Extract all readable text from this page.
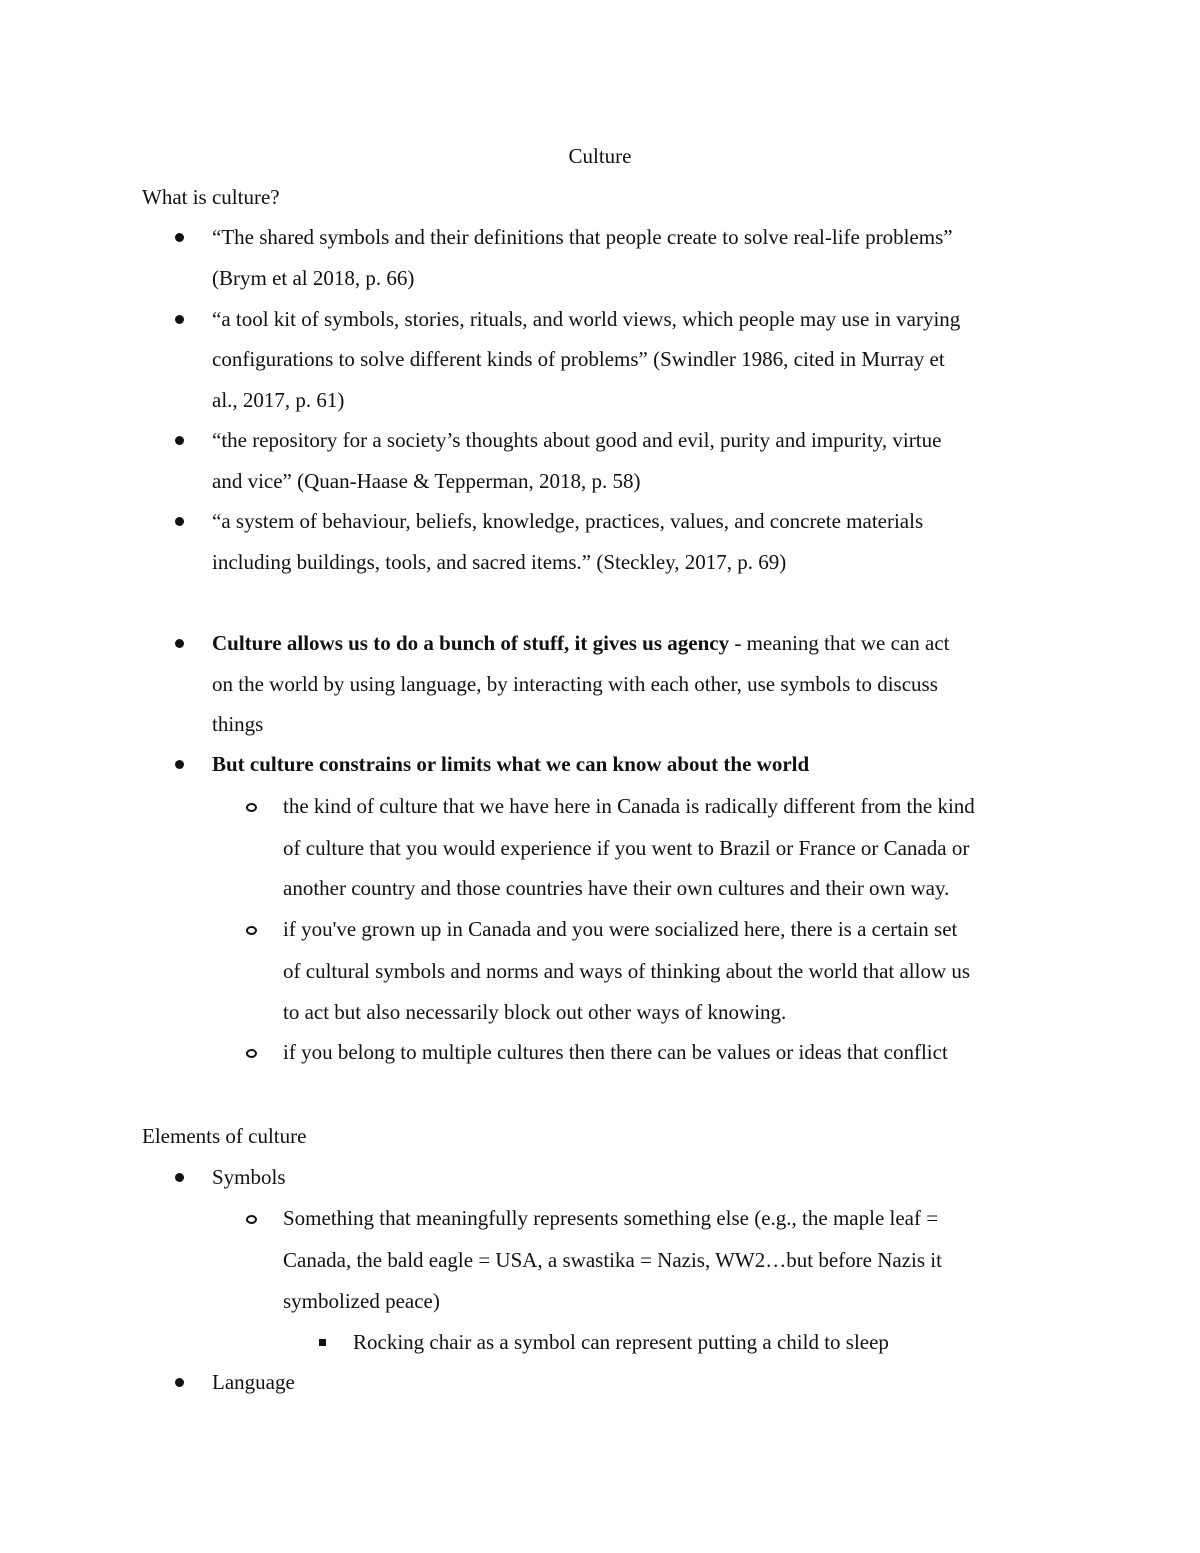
Culture
What is culture?
“The shared symbols and their definitions that people create to solve real-life problems”
(Brym et al 2018, p. 66)
“a tool kit of symbols, stories, rituals, and world views, which people may use in varying
configurations to solve different kinds of problems” (Swindler 1986, cited in Murray et
al., 2017, p. 61)
“the repository for a society’s thoughts about good and evil, purity and impurity, virtue
and vice” (Quan-Haase & Tepperman, 2018, p. 58)
“a system of behaviour, beliefs, knowledge, practices, values, and concrete materials
including buildings, tools, and sacred items.” (Steckley, 2017, p. 69)
Culture allows us to do a bunch of stuff, it gives us agency - meaning that we can act
on the world by using language, by interacting with each other, use symbols to discuss
things
But culture constrains or limits what we can know about the world
the kind of culture that we have here in Canada is radically different from the kind
of culture that you would experience if you went to Brazil or France or Canada or
another country and those countries have their own cultures and their own way.
if you've grown up in Canada and you were socialized here, there is a certain set
of cultural symbols and norms and ways of thinking about the world that allow us
to act but also necessarily block out other ways of knowing.
if you belong to multiple cultures then there can be values or ideas that conflict
Elements of culture
Symbols
Something that meaningfully represents something else (e.g., the maple leaf =
Canada, the bald eagle = USA, a swastika = Nazis, WW2…but before Nazis it
symbolized peace)
Rocking chair as a symbol can represent putting a child to sleep
Language
